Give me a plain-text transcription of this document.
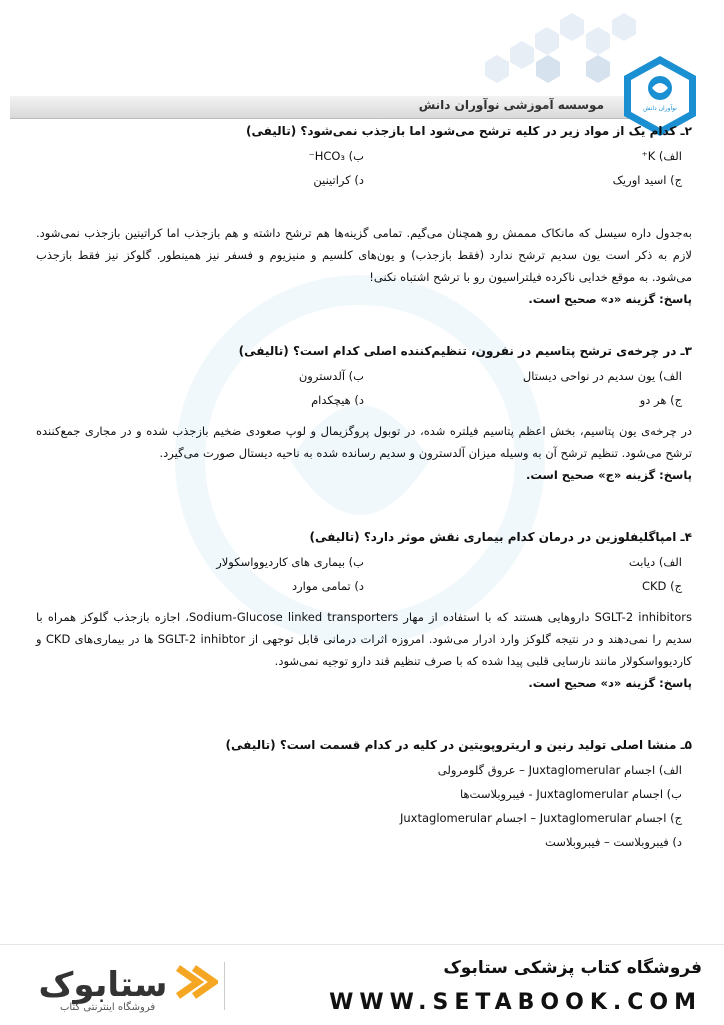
موسسه آموزشی نوآوران دانش	نوآوران دانش

۲ـ کدام یک از مواد زیر در کلیه ترشح می‌شود اما بازجذب نمی‌شود؟ (تالیفی)

الف) K⁺
ب) HCO₃⁻
ج) اسید اوریک
د) کراتینین

به‌جدول داره سیسل که مانکاک مممش رو همچنان می‌گیم. تمامی گزینه‌ها هم ترشح داشته و هم بازجذب اما کراتینین بازجذب نمی‌شود. لازم به ذکر است یون سدیم ترشح ندارد (فقط بازجذب) و یون‌های کلسیم و منیزیوم و فسفر نیز همینطور. گلوکز نیز فقط بازجذب می‌شود. به موقع خدایی ناکرده فیلتراسیون رو با ترشح اشتباه نکنی!

پاسخ: گزینه «د» صحیح است.

۳ـ در چرخه‌ی ترشح پتاسیم در نفرون، تنظیم‌کننده اصلی کدام است؟ (تالیفی)

الف) یون سدیم در نواحی دیستال
ب) آلدسترون
ج) هر دو
د) هیچکدام

در چرخه‌ی یون پتاسیم، بخش اعظم پتاسیم فیلتره شده، در توبول پروگزیمال و لوپ صعودی ضخیم بازجذب شده و در مجاری جمع‌کننده ترشح می‌شود. تنظیم ترشح آن به وسیله میزان آلدسترون و سدیم رسانده شده به ناحیه دیستال صورت می‌گیرد.

پاسخ: گزینه «ج» صحیح است.

۴ـ امپاگلیفلوزین در درمان کدام بیماری نقش موثر دارد؟ (تالیفی)

الف) دیابت
ب) بیماری های کاردیوواسکولار
ج) CKD
د) تمامی موارد

SGLT-2 inhibitors داروهایی هستند که با استفاده از مهار Sodium-Glucose linked transporters، اجازه بازجذب گلوکز همراه با سدیم را نمی‌دهند و در نتیجه گلوکز وارد ادرار می‌شود. امروزه اثرات درمانی قابل توجهی از SGLT-2 inhibtor ها در بیماری‌های CKD و کاردیوواسکولار مانند نارسایی قلبی پیدا شده که با صرف تنظیم قند دارو توجیه نمی‌شود.

پاسخ: گزینه «د» صحیح است.

۵ـ منشا اصلی تولید رنین و اریتروپویتین در کلیه در کدام قسمت است؟ (تالیفی)

الف) اجسام Juxtaglomerular – عروق گلومرولی
ب) اجسام Juxtaglomerular - فیبروبلاست‌ها
ج) اجسام Juxtaglomerular – اجسام Juxtaglomerular
د) فیبروبلاست – فیبروبلاست
فروشگاه کتاب پزشکی ستابوک
WWW.SETABOOK.COM
ستابوک
فروشگاه اینترنتی کتاب
